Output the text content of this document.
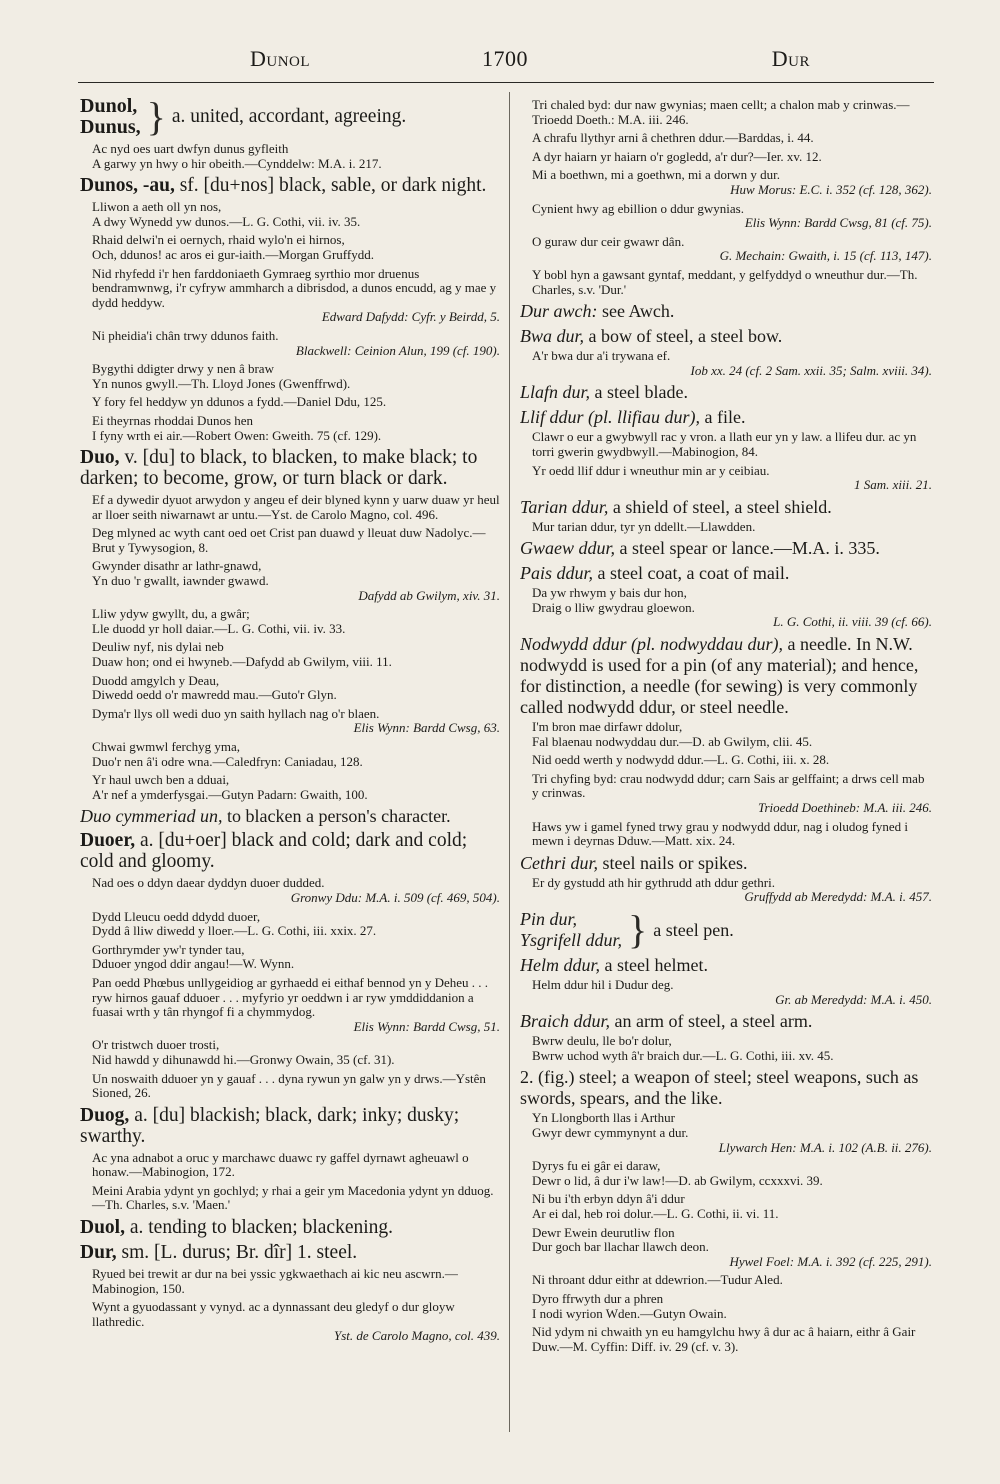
Dunol	1700	Dur
Dunol,
Dunus, } a. united, accordant, agreeing.
Ac nyd oes uart dwfyn dunus gyfleith
A garwy yn hwy o hir obeith.—Cynddelw: M.A. i. 217.
Dunos, -au, sf. [du+nos] black, sable, or dark night.
Lliwon a aeth oll yn nos,
A dwy Wynedd yw dunos.—L. G. Cothi, vii. iv. 35.
Rhaid delwi'n ei oernych, rhaid wylo'n ei hirnos,
Och, ddunos! ac aros ei gur-iaith.—Morgan Gruffydd.
Nid rhyfedd i'r hen farddoniaeth Gymraeg syrthio mor druenus bendramwnwg, i'r cyfryw ammharch a dibrisdod, a dunos encudd, ag y mae y dydd heddyw.
Edward Dafydd: Cyfr. y Beirdd, 5.
Ni pheidia'i chân trwy ddunos faith.
Blackwell: Ceinion Alun, 199 (cf. 190).
Bygythi ddigter drwy y nen â braw
Yn nunos gwyll.—Th. Lloyd Jones (Gwenffrwd).
Y fory fel heddyw yn ddunos a fydd.—Daniel Ddu, 125.
Ei theyrnas rhoddai Dunos hen
I fyny wrth ei air.—Robert Owen: Gweith. 75 (cf. 129).
Duo, v. [du] to black, to blacken, to make black; to darken; to become, grow, or turn black or dark.
Ef a dywedir dyuot arwydon y angeu ef deir blyned kynn y uarw duaw yr heul ar lloer seith niwarnawt ar untu.—Yst. de Carolo Magno, col. 496.
Deg mlyned ac wyth cant oed oet Crist pan duawd y lleuat duw Nadolyc.—Brut y Tywysogion, 8.
Gwynder disathr ar lathr-gnawd,
Yn duo 'r gwallt, iawnder gwawd.
Dafydd ab Gwilym, xiv. 31.
Lliw ydyw gwyllt, du, a gwâr;
Lle duodd yr holl daiar.—L. G. Cothi, vii. iv. 33.
Deuliw nyf, nis dylai neb
Duaw hon; ond ei hwyneb.—Dafydd ab Gwilym, viii. 11.
Duodd amgylch y Deau,
Diwedd oedd o'r mawredd mau.—Guto'r Glyn.
Dyma'r llys oll wedi duo yn saith hyllach nag o'r blaen.
Elis Wynn: Bardd Cwsg, 63.
Chwai gwmwl ferchyg yma,
Duo'r nen â'i odre wna.—Caledfryn: Caniadau, 128.
Yr haul uwch ben a dduai,
A'r nef a ymderfysgai.—Gutyn Padarn: Gwaith, 100.
Duo cymmeriad un, to blacken a person's character.
Duoer, a. [du+oer] black and cold; dark and cold; cold and gloomy.
Nad oes o ddyn daear dyddyn duoer dudded.
Gronwy Ddu: M.A. i. 509 (cf. 469, 504).
Dydd Lleucu oedd ddydd duoer,
Dydd â lliw diwedd y lloer.—L. G. Cothi, iii. xxix. 27.
Gorthrymder yw'r tynder tau,
Dduoer yngod ddir angau!—W. Wynn.
Pan oedd Phœbus unllygeidiog ar gyrhaedd ei eithaf bennod yn y Deheu . . . ryw hirnos gauaf dduoer . . . myfyrio yr oeddwn i ar ryw ymddiddanion a fuasai wrth y tân rhyngof fi a chymmydog.
Elis Wynn: Bardd Cwsg, 51.
O'r tristwch duoer trosti,
Nid hawdd y dihunawdd hi.—Gronwy Owain, 35 (cf. 31).
Un noswaith dduoer yn y gauaf . . . dyna rywun yn galw yn y drws.—Ystên Sioned, 26.
Duog, a. [du] blackish; black, dark; inky; dusky; swarthy.
Ac yna adnabot a oruc y marchawc duawc ry gaffel dyrnawt agheuawl o honaw.—Mabinogion, 172.
Meini Arabia ydynt yn gochlyd; y rhai a geir ym Macedonia ydynt yn dduog.—Th. Charles, s.v. 'Maen.'
Duol, a. tending to blacken; blackening.
Dur, sm. [L. durus; Br. dîr] 1. steel.
Ryued bei trewit ar dur na bei yssic ygkwaethach ai kic neu ascwrn.—Mabinogion, 150.
Wynt a gyuodassant y vynyd. ac a dynnassant deu gledyf o dur gloyw llathredic.
Yst. de Carolo Magno, col. 439.
Tri chaled byd: dur naw gwynias; maen cellt; a chalon mab y crinwas.—Trioedd Doeth.: M.A. iii. 246.
A chrafu llythyr arni â chethren ddur.—Barddas, i. 44.
A dyr haiarn yr haiarn o'r gogledd, a'r dur?—Ier. xv. 12.
Mi a boethwn, mi a goethwn, mi a dorwn y dur.
Huw Morus: E.C. i. 352 (cf. 128, 362).
Cynient hwy ag ebillion o ddur gwynias.
Elis Wynn: Bardd Cwsg, 81 (cf. 75).
O guraw dur ceir gwawr dân.
G. Mechain: Gwaith, i. 15 (cf. 113, 147).
Y bobl hyn a gawsant gyntaf, meddant, y gelfyddyd o wneuthur dur.—Th. Charles, s.v. 'Dur.'
Dur awch: see Awch.
Bwa dur, a bow of steel, a steel bow.
A'r bwa dur a'i trywana ef.
Iob xx. 24 (cf. 2 Sam. xxii. 35; Salm. xviii. 34).
Llafn dur, a steel blade.
Llif ddur (pl. llifiau dur), a file.
Clawr o eur a gwybwyll rac y vron. a llath eur yn y law. a llifeu dur. ac yn torri gwerin gwydbwyll.—Mabinogion, 84.
Yr oedd llif ddur i wneuthur min ar y ceibiau.
1 Sam. xiii. 21.
Tarian ddur, a shield of steel, a steel shield.
Mur tarian ddur, tyr yn ddellt.—Llawdden.
Gwaew ddur, a steel spear or lance.—M.A. i. 335.
Pais ddur, a steel coat, a coat of mail.
Da yw rhwym y bais dur hon,
Draig o lliw gwydrau gloewon.
L. G. Cothi, ii. viii. 39 (cf. 66).
Nodwydd ddur (pl. nodwyddau dur), a needle. In N.W. nodwydd is used for a pin (of any material); and hence, for distinction, a needle (for sewing) is very commonly called nodwydd ddur, or steel needle.
I'm bron mae dirfawr ddolur,
Fal blaenau nodwyddau dur.—D. ab Gwilym, clii. 45.
Nid oedd werth y nodwydd ddur.—L. G. Cothi, iii. x. 28.
Tri chyfing byd: crau nodwydd ddur; carn Sais ar gelffaint; a drws cell mab y crinwas.
Trioedd Doethineb: M.A. iii. 246.
Haws yw i gamel fyned trwy grau y nodwydd ddur, nag i oludog fyned i mewn i deyrnas Dduw.—Matt. xix. 24.
Cethri dur, steel nails or spikes.
Er dy gystudd ath hir gythrudd ath ddur gethri.
Gruffydd ab Meredydd: M.A. i. 457.
Pin dur,
Ysgrifell ddur, } a steel pen.
Helm ddur, a steel helmet.
Helm ddur hil i Dudur deg.
Gr. ab Meredydd: M.A. i. 450.
Braich ddur, an arm of steel, a steel arm.
Bwrw deulu, lle bo'r dolur,
Bwrw uchod wyth â'r braich dur.—L. G. Cothi, iii. xv. 45.
2. (fig.) steel; a weapon of steel; steel weapons, such as swords, spears, and the like.
Yn Llongborth llas i Arthur
Gwyr dewr cymmynynt a dur.
Llywarch Hen: M.A. i. 102 (A.B. ii. 276).
Dyrys fu ei gâr ei daraw,
Dewr o lid, â dur i'w law!—D. ab Gwilym, ccxxxvi. 39.
Ni bu i'th erbyn ddyn â'i ddur
Ar ei dal, heb roi dolur.—L. G. Cothi, ii. vi. 11.
Dewr Ewein deurutliw flon
Dur goch bar llachar llawch deon.
Hywel Foel: M.A. i. 392 (cf. 225, 291).
Ni throant ddur eithr at ddewrion.—Tudur Aled.
Dyro ffrwyth dur a phren
I nodi wyrion Wden.—Gutyn Owain.
Nid ydym ni chwaith yn eu hamgylchu hwy â dur ac â haiarn, eithr â Gair Duw.—M. Cyffin: Diff. iv. 29 (cf. v. 3).
